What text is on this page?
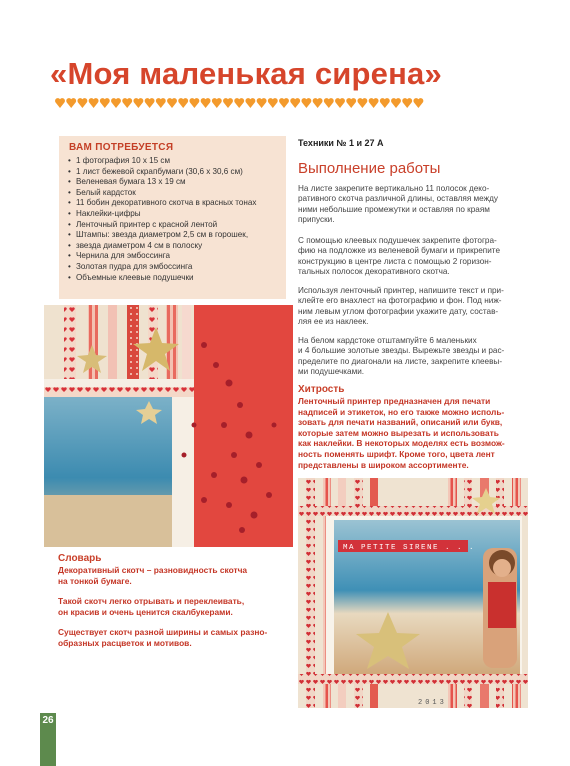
«Моя маленькая сирена»
ВАМ ПОТРЕБУЕТСЯ
• 1 фотография 10 x 15 см
• 1 лист бежевой скрапбумаги (30,6 x 30,6 см)
• Веленевая бумага 13 x 19 см
• Белый кардсток
• 11 бобин декоративного скотча в красных тонах
• Наклейки-цифры
• Ленточный принтер с красной лентой
• Штампы: звезда диаметром 2,5 см в горошек,
• звезда диаметром 4 см в полоску
• Чернила для эмбоссинга
• Золотая пудра для эмбоссинга
• Объемные клеевые подушечки
Техники № 1 и 27 А
Выполнение работы

На листе закрепите вертикально 11 полосок деко-
ративного скотча различной длины, оставляя между
ними небольшие промежутки и оставляя по краям
припуски.

С помощью клеевых подушечек закрепите фотогра-
фию на подложке из веленевой бумаги и прикрепите
конструкцию в центре листа с помощью 2 горизон-
тальных полосок декоративного скотча.

Используя ленточный принтер, напишите текст и при-
клейте его внахлест на фотографию и фон. Под ниж-
ним левым углом фотографии укажите дату, состав-
ляя ее из наклеек.

На белом кардстоке отштампуйте 6 маленьких
и 4 большие золотые звезды. Вырежьте звезды и рас-
пределите по диагонали на листе, закрепите клеевы-
ми подушечками.

Хитрость

Ленточный принтер предназначен для печати
надписей и этикеток, но его также можно исполь-
зовать для печати названий, описаний или букв,
которые затем можно вырезать и использовать
как наклейки. В некоторых моделях есть возмож-
ность поменять шрифт. Кроме того, цвета лент
представлены в широком ассортименте.

Словарь

Декоративный скотч – разновидность скотча
на тонкой бумаге.

Такой скотч легко отрывать и переклеивать,
он красив и очень ценится скалбукерами.

Существует скотч разной ширины и самых разно-
образных расцветок и мотивов.

MA PETITE SIRENE . . .
2013
26
